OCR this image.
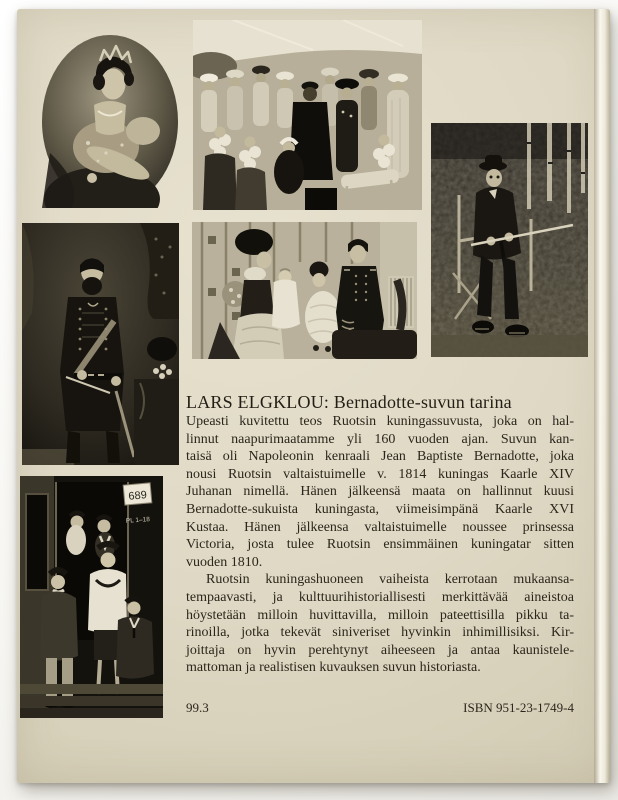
689
PL 1–18
LARS ELGKLOU: Bernadotte-suvun tarina
Upeasti kuvitettu teos Ruotsin kuningassuvusta, joka on hal-
linnut naapurimaatamme yli 160 vuoden ajan. Suvun kan-
taisä oli Napoleonin kenraali Jean Baptiste Bernadotte, joka
nousi Ruotsin valtaistuimelle v. 1814 kuningas Kaarle XIV
Juhanan nimellä. Hänen jälkeensä maata on hallinnut kuusi
Bernadotte-sukuista kuningasta, viimeisimpänä Kaarle XVI
Kustaa. Hänen jälkeensa valtaistuimelle noussee prinsessa
Victoria, josta tulee Ruotsin ensimmäinen kuningatar sitten
vuoden 1810.
Ruotsin kuningashuoneen vaiheista kerrotaan mukaansa-
tempaavasti, ja kulttuurihistoriallisesti merkittävää aineistoa
höystetään milloin huvittavilla, milloin pateettisilla pikku ta-
rinoilla, jotka tekevät siniveriset hyvinkin inhimillisiksi. Kir-
joittaja on hyvin perehtynyt aiheeseen ja antaa kaunistele-
mattoman ja realistisen kuvauksen suvun historiasta.
99.3	ISBN 951-23-1749-4
